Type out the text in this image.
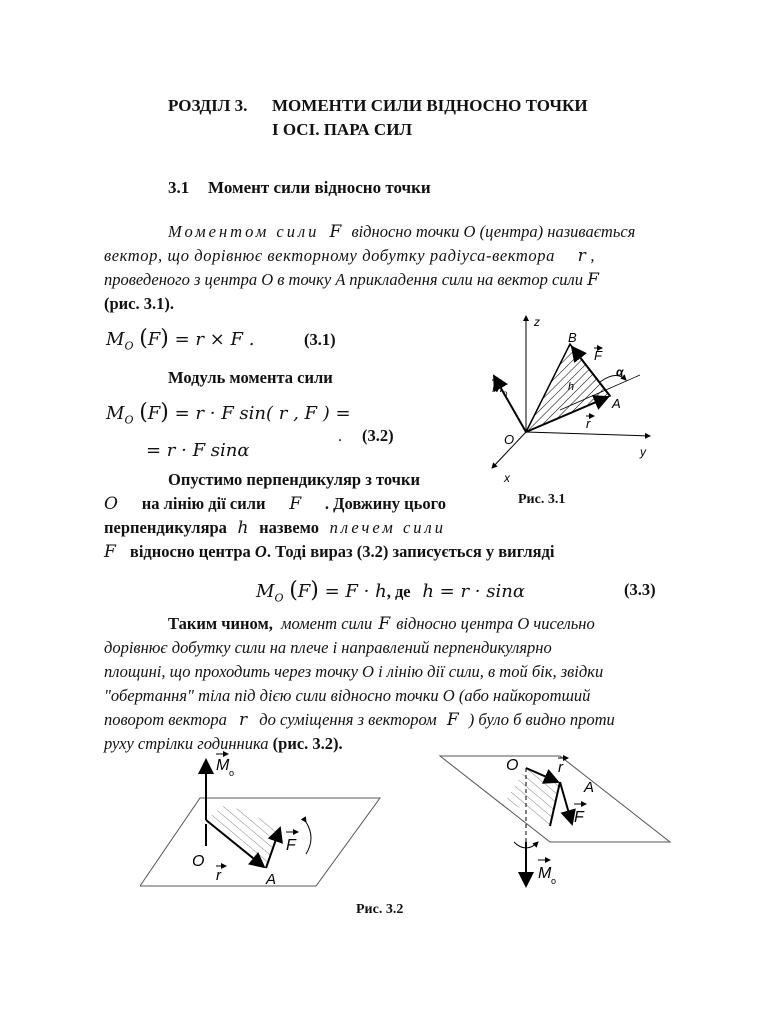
РОЗДІЛ 3. МОМЕНТИ СИЛИ ВІДНОСНО ТОЧКИ
І ОСІ. ПАРА СИЛ
3.1 Момент сили відносно точки
Моментом сили F відносно точки O (центра) називається
вектор, що дорівнює векторному добутку радіуса-вектора r ,
проведеного з центра O в точку A прикладення сили на вектор сили F
(рис. 3.1).
$M_O$ (F) = r × F .	(3.1)
Модуль момента сили
$M_O$ (F) = r · F sin( r , F ) =
= r · F sinα
. (3.2)
Опустимо перпендикуляр з точки
O на лінію дії сили F . Довжину цього
перпендикуляра h назвемо плечем сили
F відносно центра O. Тоді вираз (3.2) записується у вигляді
$M_O$ (F) = F · h, де h = r · sinα	(3.3)
Таким чином, момент сили F відносно центра O чисельно
дорівнює добутку сили на плече і направлений перпендикулярно
площині, що проходить через точку O і лінію дії сили, в той бік, звідки
"обертання" тіла під дією сили відносно точки O (або найкоротший
поворот вектора r до суміщення з вектором F ) було б видно проти
руху стрілки годинника (рис. 3.2).
z
y
x
O
B
A
F
r
h
α
M o
Рис. 3.1
O
r	A
F
M o	O	r
A
F
M o
Рис. 3.2
